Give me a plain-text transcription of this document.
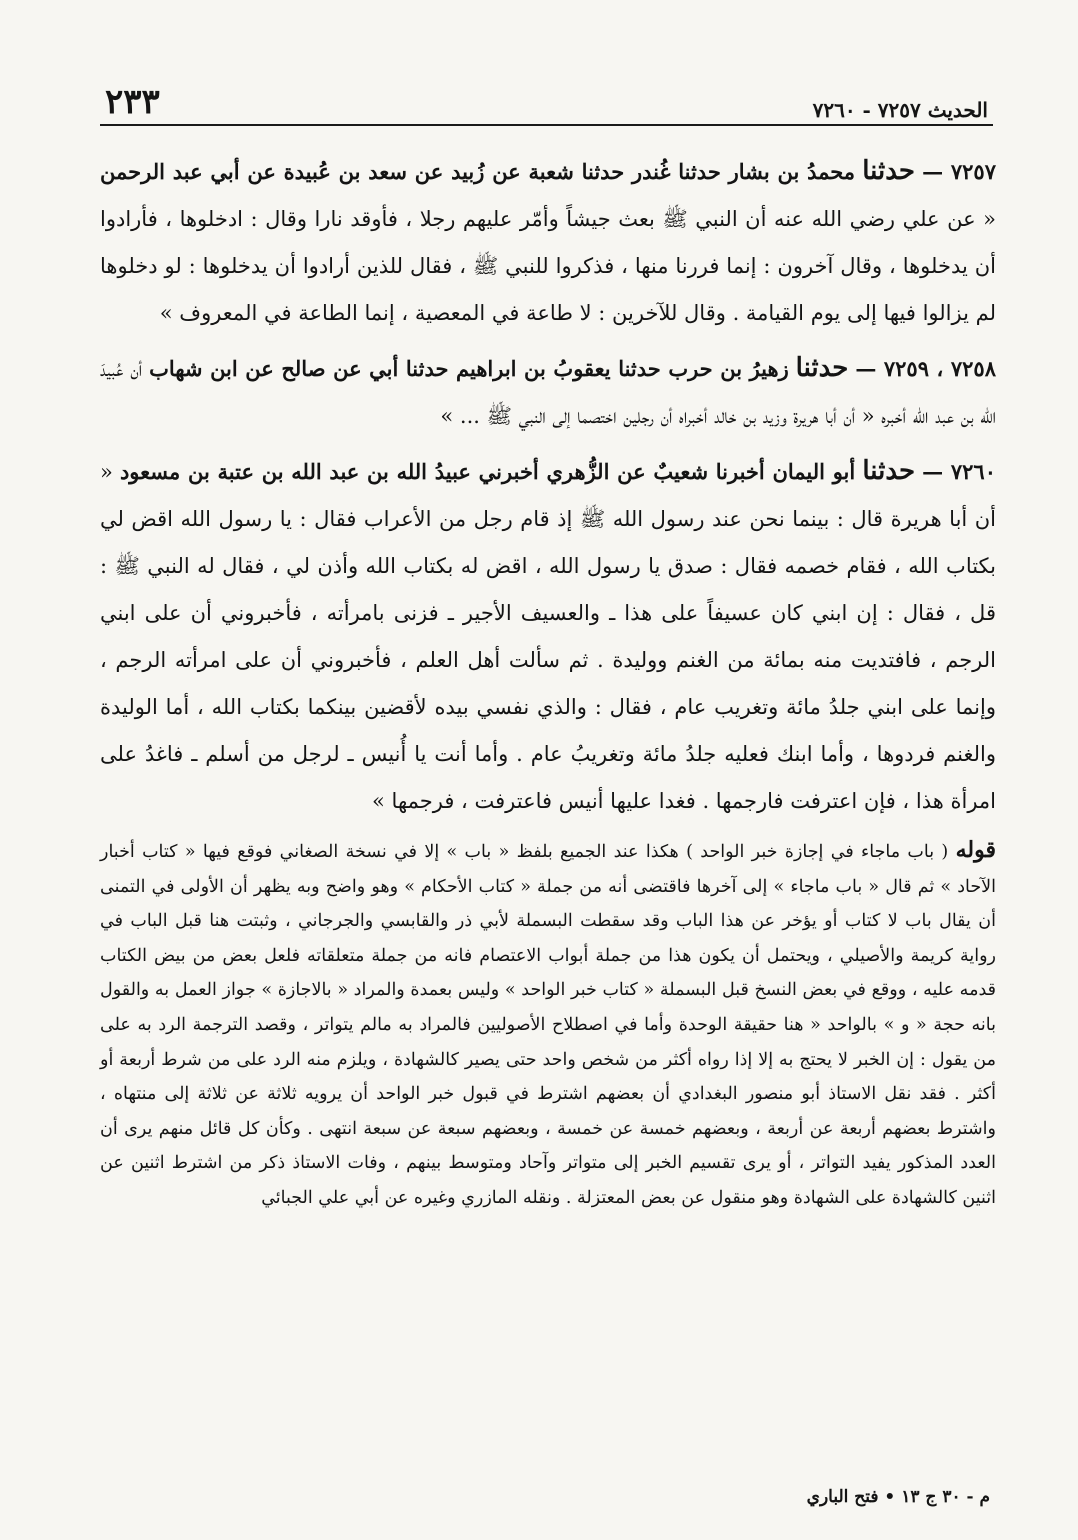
الحديث ٧٢٥٧ - ٧٢٦٠
٢٣٣

٧٢٥٧ — حدثنا محمدُ بن بشار حدثنا غُندر حدثنا شعبة عن زُبيد عن سعد بن عُبيدة عن أبي عبد الرحمن « عن علي رضي الله عنه أن النبي ﷺ بعث جيشاً وأمّر عليهم رجلا ، فأوقد نارا وقال : ادخلوها ، فأرادوا أن يدخلوها ، وقال آخرون : إنما فررنا منها ، فذكروا للنبي ﷺ ، فقال للذين أرادوا أن يدخلوها : لو دخلوها لم يزالوا فيها إلى يوم القيامة . وقال للآخرين : لا طاعة في المعصية ، إنما الطاعة في المعروف »

٧٢٥٨ ، ٧٢٥٩ — حدثنا زهيرُ بن حرب حدثنا يعقوبُ بن ابراهيم حدثنا أبي عن صالح عن ابن شهاب أن عُبيدَ الله بن عبد الله أخبره « أن أبا هريرة وزيد بن خالد أخبراه أن رجلين اختصما إلى النبي ﷺ ... »

٧٢٦٠ — حدثنا أبو اليمان أخبرنا شعيبٌ عن الزُّهري أخبرني عبيدُ الله بن عبد الله بن عتبة بن مسعود « أن أبا هريرة قال : بينما نحن عند رسول الله ﷺ إذ قام رجل من الأعراب فقال : يا رسول الله اقض لي بكتاب الله ، فقام خصمه فقال : صدق يا رسول الله ، اقض له بكتاب الله وأذن لي ، فقال له النبي ﷺ : قل ، فقال : إن ابني كان عسيفاً على هذا ـ والعسيف الأجير ـ فزنى بامرأته ، فأخبروني أن على ابني الرجم ، فافتديت منه بمائة من الغنم ووليدة . ثم سألت أهل العلم ، فأخبروني أن على امرأته الرجم ، وإنما على ابني جلدُ مائة وتغريب عام ، فقال : والذي نفسي بيده لأقضين بينكما بكتاب الله ، أما الوليدة والغنم فردوها ، وأما ابنك فعليه جلدُ مائة وتغريبُ عام . وأما أنت يا أُنيس ـ لرجل من أسلم ـ فاغدُ على امرأة هذا ، فإن اعترفت فارجمها . فغدا عليها أنيس فاعترفت ، فرجمها »

قوله ( باب ماجاء في إجازة خبر الواحد ) هكذا عند الجميع بلفظ « باب » إلا في نسخة الصغاني فوقع فيها « كتاب أخبار الآحاد » ثم قال « باب ماجاء » إلى آخرها فاقتضى أنه من جملة « كتاب الأحكام » وهو واضح وبه يظهر أن الأولى في التمنى أن يقال باب لا كتاب أو يؤخر عن هذا الباب وقد سقطت البسملة لأبي ذر والقابسي والجرجاني ، وثبتت هنا قبل الباب في رواية كريمة والأصيلي ، ويحتمل أن يكون هذا من جملة أبواب الاعتصام فانه من جملة متعلقاته فلعل بعض من بيض الكتاب قدمه عليه ، ووقع في بعض النسخ قبل البسملة « كتاب خبر الواحد » وليس بعمدة والمراد « بالاجازة » جواز العمل به والقول بانه حجة « و » بالواحد « هنا حقيقة الوحدة وأما في اصطلاح الأصوليين فالمراد به مالم يتواتر ، وقصد الترجمة الرد به على من يقول : إن الخبر لا يحتج به إلا إذا رواه أكثر من شخص واحد حتى يصير كالشهادة ، ويلزم منه الرد على من شرط أربعة أو أكثر . فقد نقل الاستاذ أبو منصور البغدادي أن بعضهم اشترط في قبول خبر الواحد أن يرويه ثلاثة عن ثلاثة إلى منتهاه ، واشترط بعضهم أربعة عن أربعة ، وبعضهم خمسة عن خمسة ، وبعضهم سبعة عن سبعة انتهى . وكأن كل قائل منهم يرى أن العدد المذكور يفيد التواتر ، أو يرى تقسيم الخبر إلى متواتر وآحاد ومتوسط بينهم ، وفات الاستاذ ذكر من اشترط اثنين عن اثنين كالشهادة على الشهادة وهو منقول عن بعض المعتزلة . ونقله المازري وغيره عن أبي علي الجبائي

م - ٣٠ ج ١٣ • فتح الباري
